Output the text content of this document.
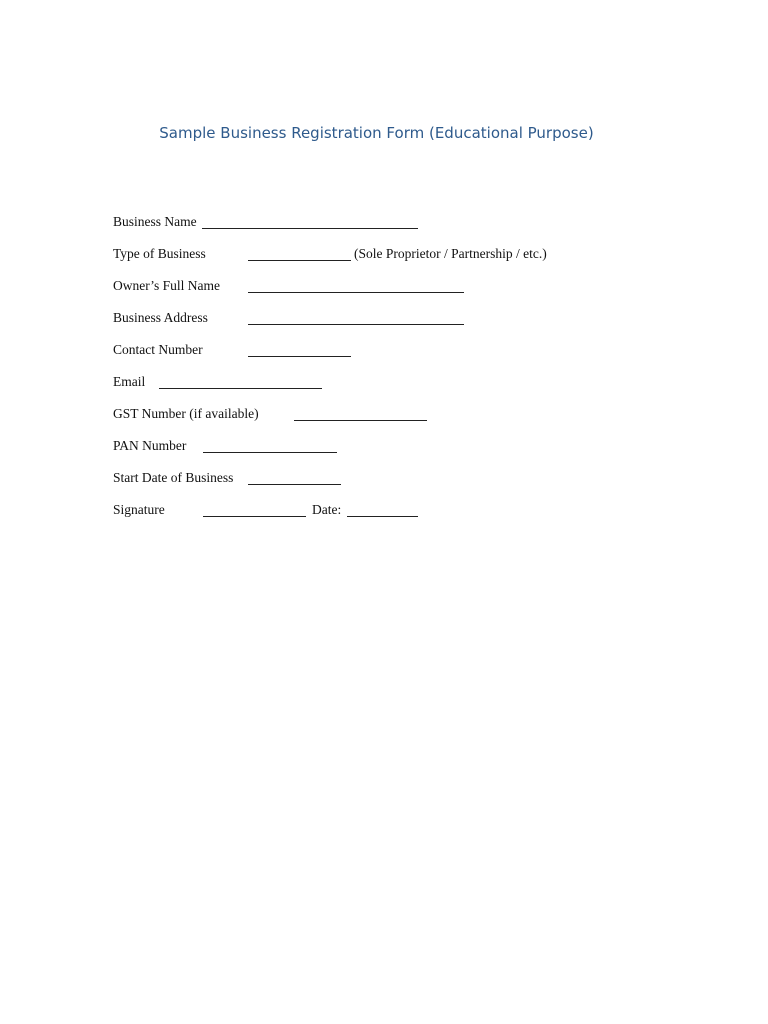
Sample Business Registration Form (Educational Purpose)
Business Name
Type of Business	(Sole Proprietor / Partnership / etc.)
Owner’s Full Name
Business Address
Contact Number
Email
GST Number (if available)
PAN Number
Start Date of Business
Signature	Date:
